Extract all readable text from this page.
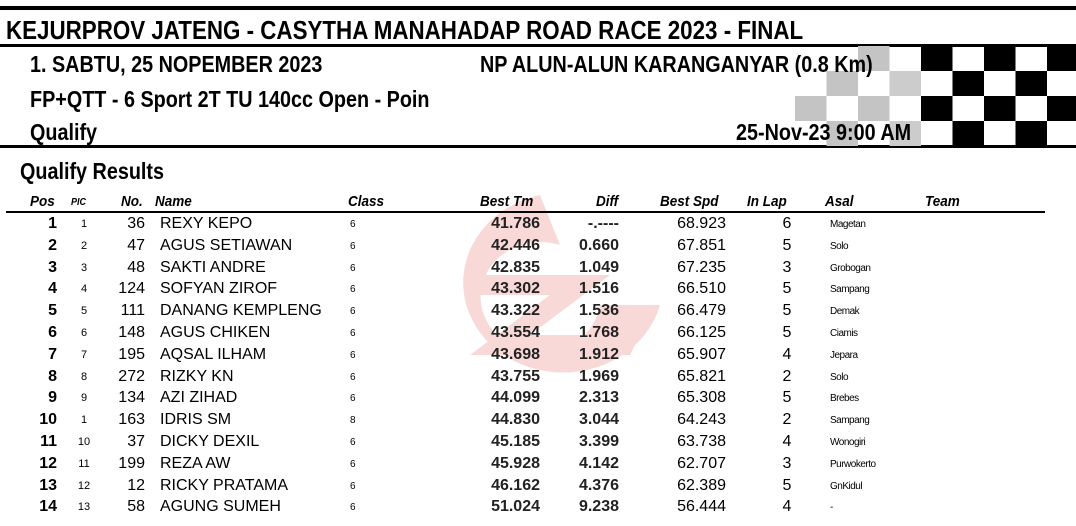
KEJURPROV JATENG - CASYTHA MANAHADAP ROAD RACE 2023 - FINAL
1. SABTU, 25 NOPEMBER 2023	NP ALUN-ALUN KARANGANYAR (0.8 Km)
FP+QTT - 6 Sport 2T TU 140cc Open - Poin
Qualify	25-Nov-23 9:00 AM
Qualify Results
Pos PIC No. Name	Class	Best Tm	Diff	Best Spd In Lap	Asal	Team
1	1	36 REXY KEPO	6	41.786	-.----	68.923	6	Magetan
2	2	47 AGUS SETIAWAN	6	42.446 0.660	67.851	5	Solo
3	3	48 SAKTI ANDRE	6	42.835 1.049	67.235	3	Grobogan
4	4	124 SOFYAN ZIROF	6	43.302 1.516	66.510	5	Sampang
5	5	111 DANANG KEMPLENG	6	43.322 1.536	66.479	5	Demak
6	6	148 AGUS CHIKEN	6	43.554 1.768	66.125	5	Ciamis
7	7	195 AQSAL ILHAM	6	43.698 1.912	65.907	4	Jepara
8	8	272 RIZKY KN	6	43.755 1.969	65.821	2	Solo
9	9	134 AZI ZIHAD	6	44.099 2.313	65.308	5	Brebes
10	1	163 IDRIS SM	8	44.830 3.044	64.243	2	Sampang
11	10	37 DICKY DEXIL	6	45.185 3.399	63.738	4	Wonogiri
12	11	199 REZA AW	6	45.928 4.142	62.707	3	Purwokerto
13	12	12 RICKY PRATAMA	6	46.162 4.376	62.389	5	GnKidul
14	13	58 AGUNG SUMEH	6	51.024 9.238	56.444	4	-
